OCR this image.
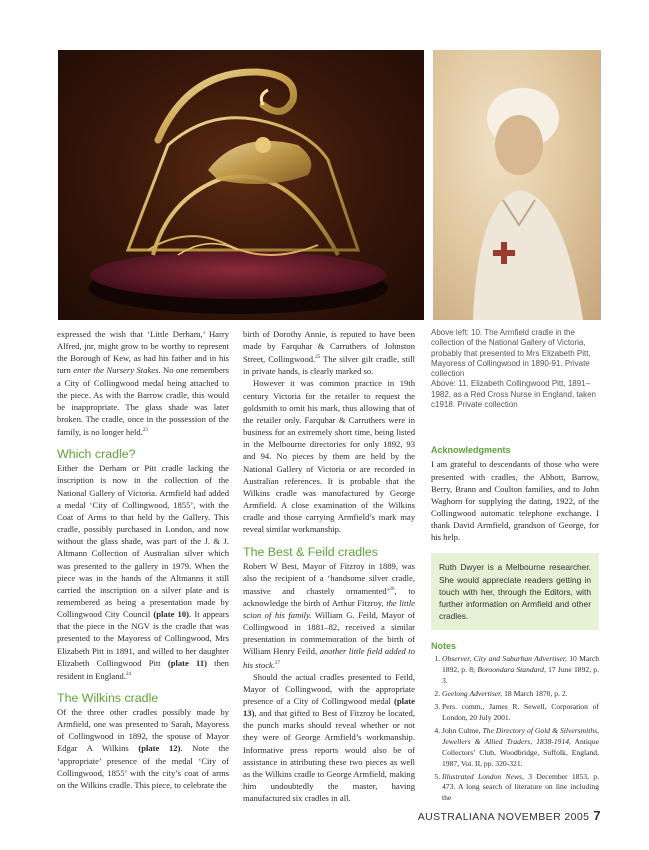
expressed the wish that ‘Little Derham,’ Harry Alfred, jnr, might grow to be worthy to represent the Borough of Kew, as had his father and in his turn enter the Nursery Stakes. No one remembers a City of Collingwood medal being attached to the piece. As with the Barrow cradle, this would be inappropriate. The glass shade was later broken. The cradle, once in the possession of the family, is no longer held.$^{23}$

Which cradle?

Either the Derham or Pitt cradle lacking the inscription is now in the collection of the National Gallery of Victoria. Armfield had added a medal ‘City of Collingwood, 1855’, with the Coat of Arms to that held by the Gallery. This cradle, possibly purchased in London, and now without the glass shade, was part of the J. & J. Altmann Collection of Australian silver which was presented to the gallery in 1979. When the piece was in the hands of the Altmanns it still carried the inscription on a silver plate and is remembered as being a presentation made by Collingwood City Council (plate 10). It appears that the piece in the NGV is the cradle that was presented to the Mayoress of Collingwood, Mrs Elizabeth Pitt in 1891, and willed to her daughter Elizabeth Collingwood Pitt (plate 11) then resident in England.$^{24}$

The Wilkins cradle

Of the three other cradles possibly made by Armfield, one was presented to Sarah, Mayoress of Collingwood in 1892, the spouse of Mayor Edgar A Wilkins (plate 12). Note the ‘appropriate’ presence of the medal ‘City of Collingwood, 1855’ with the city’s coat of arms on the Wilkins cradle. This piece, to celebrate the

birth of Dorothy Annie, is reputed to have been made by Farquhar & Carruthers of Johnston Street, Collingwood.$^{25}$ The silver gilt cradle, still in private hands, is clearly marked so.

However it was common practice in 19th century Victoria for the retailer to request the goldsmith to omit his mark, thus allowing that of the retailer only. Farquhar & Carruthers were in business for an extremely short time, being listed in the Melbourne directories for only 1892, 93 and 94. No pieces by them are held by the National Gallery of Victoria or are recorded in Australian references. It is probable that the Wilkins cradle was manufactured by George Armfield. A close examination of the Wilkins cradle and those carrying Armfield’s mark may reveal similar workmanship.

The Best & Feild cradles

Robert W Best, Mayor of Fitzroy in 1889, was also the recipient of a ‘handsome silver cradle, massive and chastely ornamented’$^{26}$, to acknowledge the birth of Arthur Fitzroy, the little scion of his family. William G. Feild, Mayor of Collingwood in 1881–82, received a similar presentation in commemoration of the birth of William Henry Feild, another little field added to his stock.$^{27}$

Should the actual cradles presented to Feild, Mayor of Collingwood, with the appropriate presence of a City of Collingwood medal (plate 13), and that gifted to Best of Fitzroy be located, the punch marks should reveal whether or not they were of George Armfield’s workmanship. Informative press reports would also be of assistance in attributing these two pieces as well as the Wilkins cradle to George Armfield, making him undoubtedly the master, having manufactured six cradles in all.

Above left: 10. The Armfield cradle in the collection of the National Gallery of Victoria, probably that presented to Mrs Elizabeth Pitt, Mayoress of Collingwood in 1890-91. Private collection

Above: 11. Elizabeth Collingwood Pitt, 1891–1982, as a Red Cross Nurse in England, taken c1918. Private collection

Acknowledgments

I am grateful to descendants of those who were presented with cradles, the Abbott, Barrow, Berry, Brann and Coulton families, and to John Waghorn for supplying the dating, 1922, of the Collingwood automatic telephone exchange. I thank David Armfield, grandson of George, for his help.

Ruth Dwyer is a Melbourne researcher. She would appreciate readers getting in touch with her, through the Editors, with further information on Armfield and other cradles.
Notes
1. Observer, City and Suburban Advertiser, 10 March 1892, p. 8; Boroondara Standard, 17 June 1892, p. 3.
2. Geelong Advertiser, 18 March 1870, p. 2.
3. Pers. comm., James R. Sewell, Corporation of London, 20 July 2001.
4. John Culme, The Directory of Gold & Silversmiths, Jewellers & Allied Traders, 1838-1914, Antique Collectors’ Club, Woodbridge, Suffolk, England, 1987, Vol. II, pp. 320-321.
5. Illustrated London News, 3 December 1853, p. 473. A long search of literature on line including the
AUSTRALIANA NOVEMBER 2005 7
